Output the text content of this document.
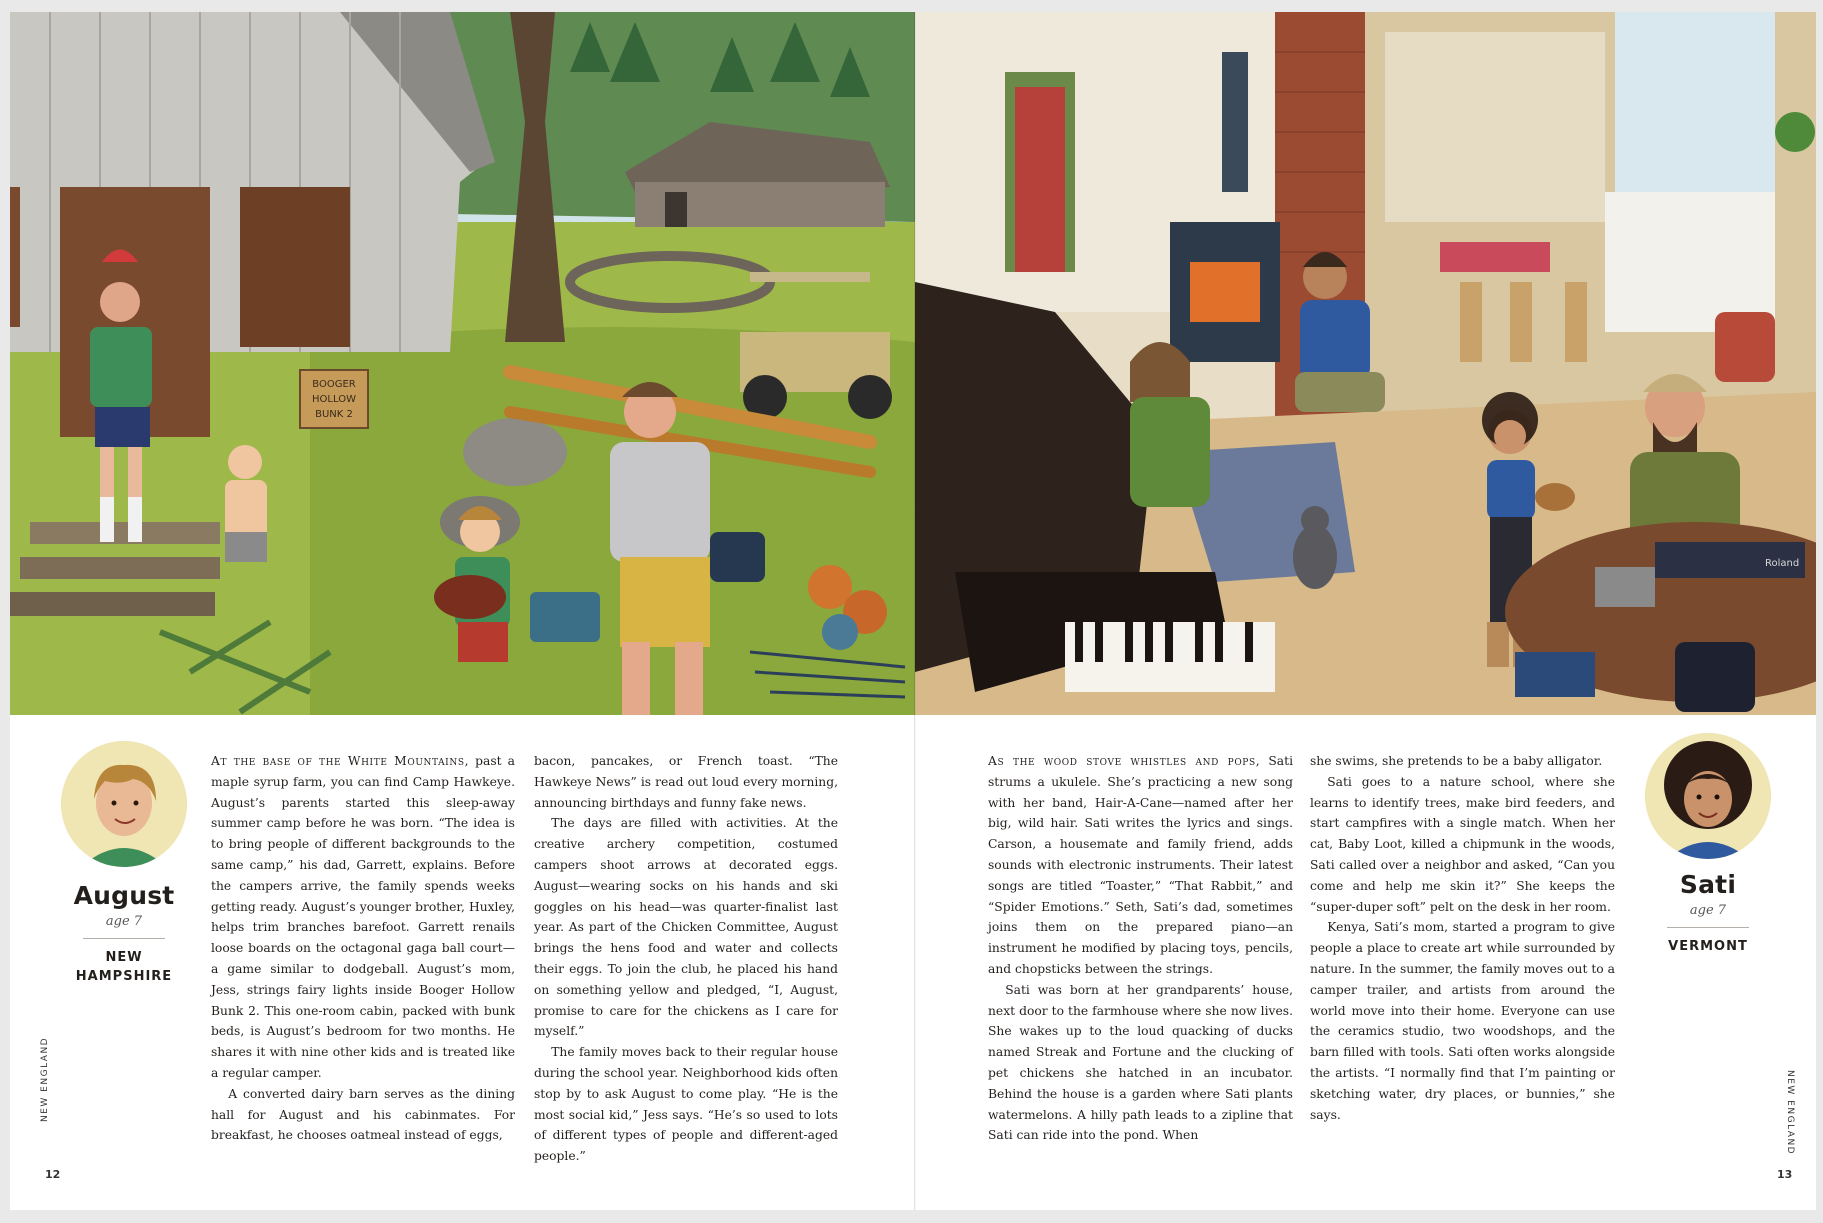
BOOGER
HOLLOW
BUNK 2
August
age 7
NEW
HAMPSHIRE

At the base of the White Mountains, past a maple syrup farm, you can find Camp Hawkeye. August’s parents started this sleep-away summer camp before he was born. “The idea is to bring people of different backgrounds to the same camp,” his dad, Garrett, explains. Before the campers arrive, the family spends weeks getting ready. August’s younger brother, Huxley, helps trim branches barefoot. Garrett renails loose boards on the octagonal gaga ball court—a game similar to dodgeball. August’s mom, Jess, strings fairy lights inside Booger Hollow Bunk 2. This one-room cabin, packed with bunk beds, is August’s bedroom for two months. He shares it with nine other kids and is treated like a regular camper.

A converted dairy barn serves as the dining hall for August and his cabinmates. For breakfast, he chooses oatmeal instead of eggs,

bacon, pancakes, or French toast. “The Hawkeye News” is read out loud every morning, announcing birthdays and funny fake news.

The days are filled with activities. At the creative archery competition, costumed campers shoot arrows at decorated eggs. August—wearing socks on his hands and ski goggles on his head—was quarter-finalist last year. As part of the Chicken Committee, August brings the hens food and water and collects their eggs. To join the club, he placed his hand on something yellow and pledged, “I, August, promise to care for the chickens as I care for myself.”

The family moves back to their regular house during the school year. Neighborhood kids often stop by to ask August to come play. “He is the most social kid,” Jess says. “He’s so used to lots of different types of people and different-aged people.”

NEW ENGLAND
12
Roland

As the wood stove whistles and pops, Sati strums a ukulele. She’s practicing a new song with her band, Hair-A-Cane—named after her big, wild hair. Sati writes the lyrics and sings. Carson, a housemate and family friend, adds sounds with electronic instruments. Their latest songs are titled “Toaster,” “That Rabbit,” and “Spider Emotions.” Seth, Sati’s dad, sometimes joins them on the prepared piano—an instrument he modified by placing toys, pencils, and chopsticks between the strings.

Sati was born at her grandparents’ house, next door to the farmhouse where she now lives. She wakes up to the loud quacking of ducks named Streak and Fortune and the clucking of pet chickens she hatched in an incubator. Behind the house is a garden where Sati plants watermelons. A hilly path leads to a zipline that Sati can ride into the pond. When

she swims, she pretends to be a baby alligator.

Sati goes to a nature school, where she learns to identify trees, make bird feeders, and start campfires with a single match. When her cat, Baby Loot, killed a chipmunk in the woods, Sati called over a neighbor and asked, “Can you come and help me skin it?” She keeps the “super-duper soft” pelt on the desk in her room.

Kenya, Sati’s mom, started a program to give people a place to create art while surrounded by nature. In the summer, the family moves out to a camper trailer, and artists from around the world move into their home. Everyone can use the ceramics studio, two woodshops, and the barn filled with tools. Sati often works alongside the artists. “I normally find that I’m painting or sketching water, dry places, or bunnies,” she says.

Sati
age 7
VERMONT
NEW ENGLAND
13
